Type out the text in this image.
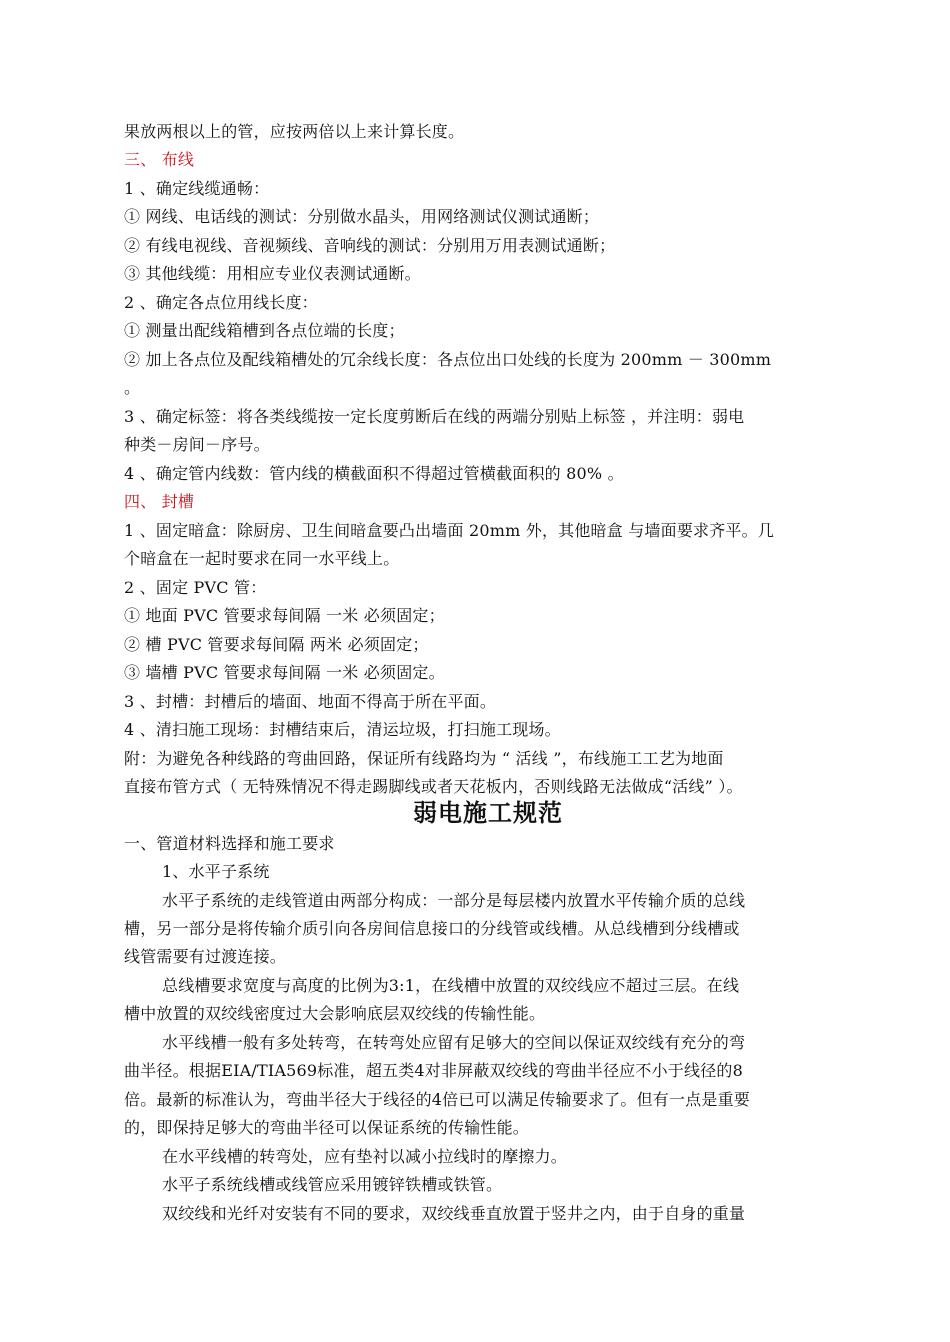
果放两根以上的管，应按两倍以上来计算长度。
三、 布线
1 、确定线缆通畅：
① 网线、电话线的测试：分别做水晶头，用网络测试仪测试通断；
② 有线电视线、音视频线、音响线的测试：分别用万用表测试通断；
③ 其他线缆：用相应专业仪表测试通断。
2 、确定各点位用线长度：
① 测量出配线箱槽到各点位端的长度；
② 加上各点位及配线箱槽处的冗余线长度：各点位出口处线的长度为 200mm － 300mm
。
3 、确定标签：将各类线缆按一定长度剪断后在线的两端分别贴上标签 ，并注明：弱电
种类－房间－序号。
4 、确定管内线数：管内线的横截面积不得超过管横截面积的 80% 。
四、 封槽
1 、固定暗盒：除厨房、卫生间暗盒要凸出墙面 20mm 外，其他暗盒 与墙面要求齐平。几
个暗盒在一起时要求在同一水平线上。
2 、固定 PVC 管：
① 地面 PVC 管要求每间隔 一米 必须固定；
② 槽 PVC 管要求每间隔 两米 必须固定；
③ 墙槽 PVC 管要求每间隔 一米 必须固定。
3 、封槽：封槽后的墙面、地面不得高于所在平面。
4 、清扫施工现场：封槽结束后，清运垃圾，打扫施工现场。
附：为避免各种线路的弯曲回路，保证所有线路均为 “ 活线 ”，布线施工工艺为地面
直接布管方式（ 无特殊情况不得走踢脚线或者天花板内，否则线路无法做成“活线” ）。
弱电施工规范
一、管道材料选择和施工要求
1、水平子系统
水平子系统的走线管道由两部分构成：一部分是每层楼内放置水平传输介质的总线
槽，另一部分是将传输介质引向各房间信息接口的分线管或线槽。从总线槽到分线槽或
线管需要有过渡连接。
总线槽要求宽度与高度的比例为3:1，在线槽中放置的双绞线应不超过三层。在线
槽中放置的双绞线密度过大会影响底层双绞线的传输性能。
水平线槽一般有多处转弯，在转弯处应留有足够大的空间以保证双绞线有充分的弯
曲半径。根据EIA/TIA569标准，超五类4对非屏蔽双绞线的弯曲半径应不小于线径的8
倍。最新的标准认为，弯曲半径大于线径的4倍已可以满足传输要求了。但有一点是重要
的，即保持足够大的弯曲半径可以保证系统的传输性能。
在水平线槽的转弯处，应有垫衬以减小拉线时的摩擦力。
水平子系统线槽或线管应采用镀锌铁槽或铁管。
双绞线和光纤对安装有不同的要求，双绞线垂直放置于竖井之内，由于自身的重量
